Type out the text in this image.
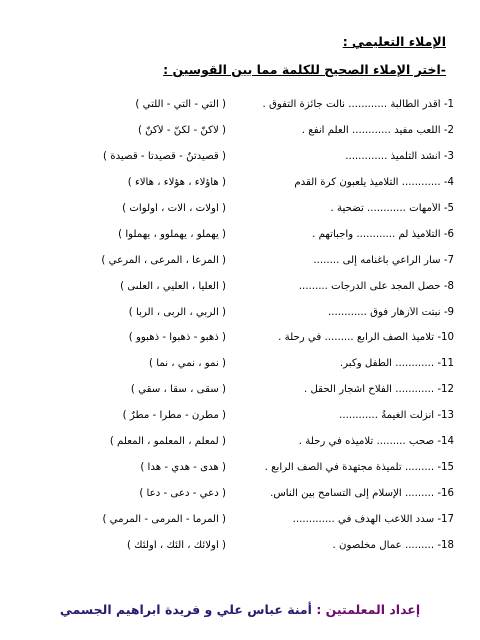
الإملاء التعليمي :
-اختر الإملاء الصحيح للكلمة مما بين القوسين :
1- أقدر الطالبة ............ نالت جائزة التفوق .
( التي - ألتي - اللتي )
2- اللعب مفيد ............ العلم أنفع .
( لاكنّ - لكنّ - لأكنّ )
3- أنشد التلميذ .............
( قصيدتنٌ - قصيدتاً - قصيدة )
4- ............ التلاميذ يلعبون كرة القدم
( هاؤلاء ، هؤلاء ، هألاء )
5- الأمهات ............ تضحية .
( أولات ، ألات ، أولوات )
6- التلاميذ لم ............ واجباتهم .
( يهملو ، يهملوو ، يهملوا )
7- سار الراعي بأغنامه إلى ........
( المرعا ، المرعى ، المرعي )
8- حصل المجد على الدرجات .........
( العليا ، العليي ، العلىى )
9- نبتت الأزهار فوق ............
( الربي ، الربى ، الربا )
10- تلاميذ الصف الرابع ......... في رحلة .
( ذهبو - ذهبوا - ذهبوو )
11- ............ الطفل وكبر.
( نمو ، نمي ، نما )
12- ............ الفلاح أشجار الحقل .
( سقى ، سقا ، سقي )
13- أنزلت الغيمةُ ............
( مطرن - مطراً - مطرٌ )
14- صحب ......... تلاميذه في رحلة .
( لمعلم ، المعلمو ، المعلم )
15- ......... تلميذة مجتهدة في الصف الرابع .
( هدى - هدي - هدا )
16- ......... الإسلام إلى التسامح بين الناس.
( دعي - دعى - دعا )
17- سدد اللاعب الهدف في .............
( المرما - المرمى - المرمي )
18- ......... عمال مخلصون .
( أولائك ، ألئك ، أولئك )
إعداد المعلمتين : أمنة عباس علي و فريدة ابراهيم الجسمي
